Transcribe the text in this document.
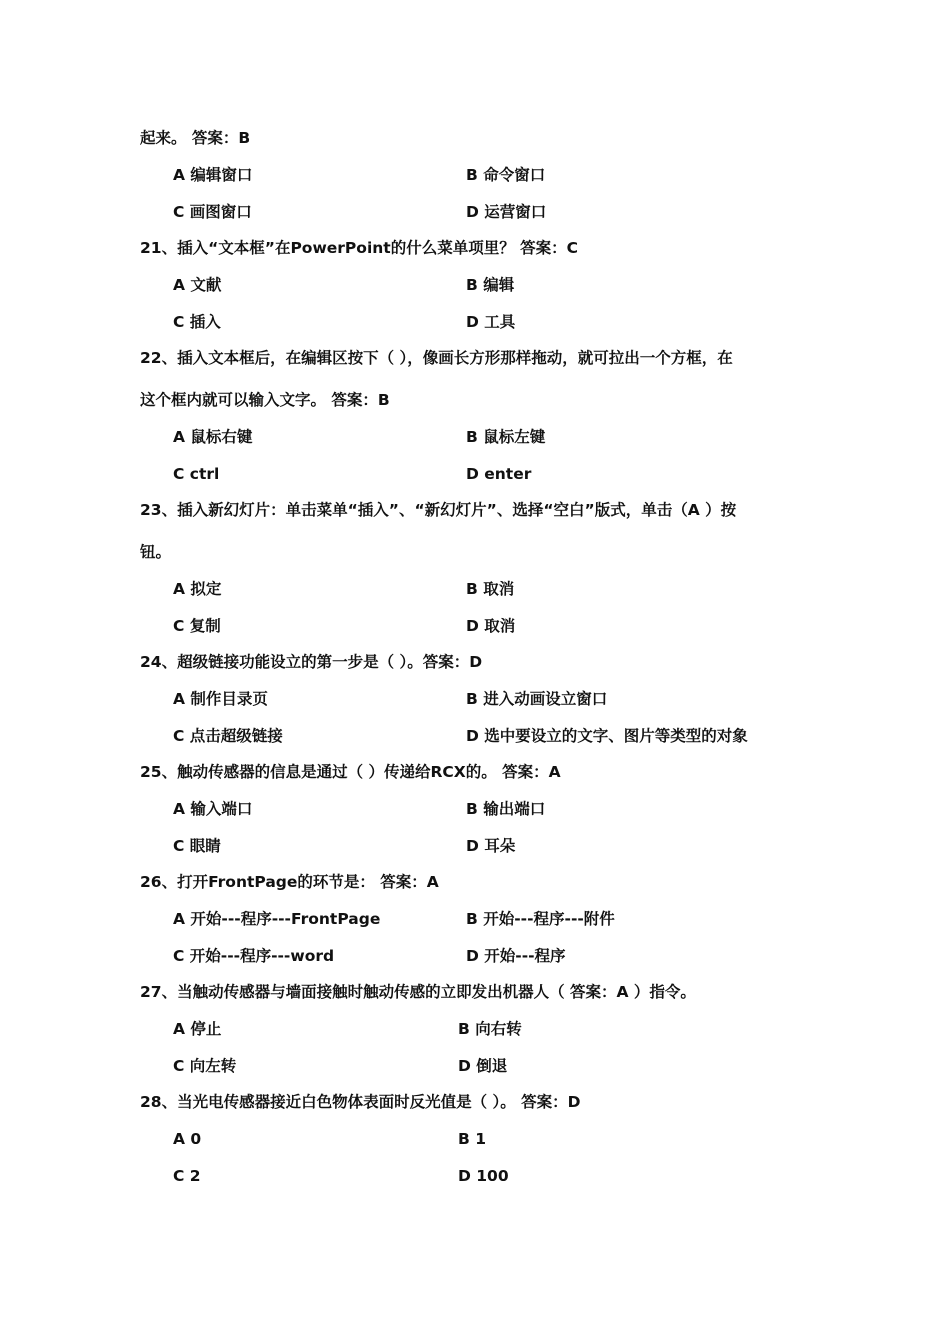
起来。 答案：B
A 编辑窗口	B 命令窗口
C 画图窗口	D 运营窗口
21、插入“文本框”在PowerPoint的什么菜单项里？ 答案：C
A 文献	B 编辑
C 插入	D 工具
22、插入文本框后，在编辑区按下（ ），像画长方形那样拖动，就可拉出一个方框，在
这个框内就可以输入文字。 答案：B
A 鼠标右键	B 鼠标左键
C ctrl	D enter
23、插入新幻灯片：单击菜单“插入”、“新幻灯片”、选择“空白”版式，单击（A ）按
钮。
A 拟定	B 取消
C 复制	D 取消
24、超级链接功能设立的第一步是（ ）。答案：D
A 制作目录页	B 进入动画设立窗口
C 点击超级链接	D 选中要设立的文字、图片等类型的对象
25、触动传感器的信息是通过（ ）传递给RCX的。 答案：A
A 输入端口	B 输出端口
C 眼睛	D 耳朵
26、打开FrontPage的环节是： 答案：A
A 开始---程序---FrontPage	B 开始---程序---附件
C 开始---程序---word	D 开始---程序
27、当触动传感器与墙面接触时触动传感的立即发出机器人（ 答案：A ）指令。
A 停止	B 向右转
C 向左转	D 倒退
28、当光电传感器接近白色物体表面时反光值是（ ）。 答案：D
A 0	B 1
C 2	D 100
